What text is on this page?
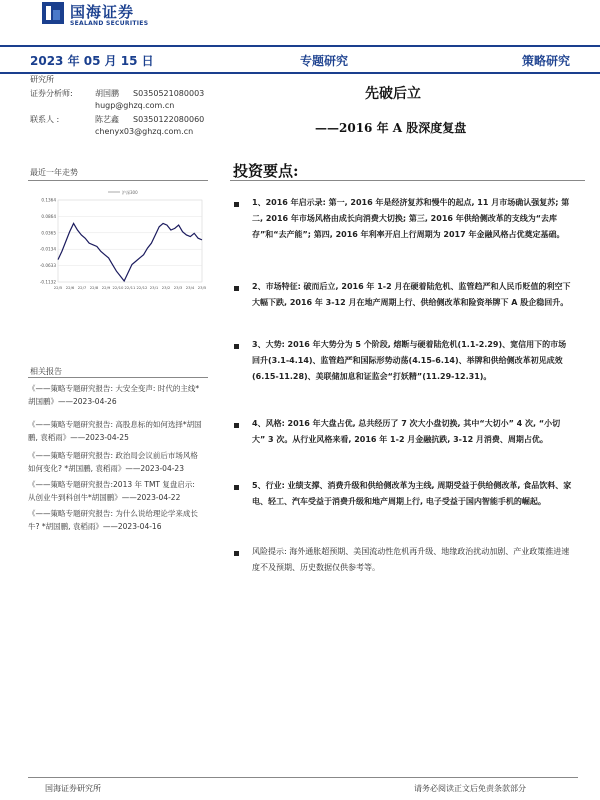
国海证券
SEALAND SECURITIES
2023 年 05 月 15 日	专题研究	策略研究
研究所
证券分析师:	胡国鹏 S0350521080003
hugp@ghzq.com.cn
联系人 :	陈艺鑫 S0350122080060
chenyx03@ghzq.com.cn
先破后立
——2016 年 A 股深度复盘
最近一年走势
0.1364
0.0864
0.0365
-0.0134
-0.0633
-0.1132
22/5 22/6 22/7 22/8 22/9 22/10 22/11 22/12 23/1 23/2 23/3 23/4 23/5
沪深300
相关报告
《——策略专题研究报告: 大安全变声: 时代的主线*胡国鹏》——2023-04-26
《——策略专题研究报告: 高股息标的如何选择*胡国鹏, 袁稻雨》——2023-04-25
《——策略专题研究报告: 政治局会议前后市场风格如何变化? *胡国鹏, 袁稻雨》——2023-04-23
《——策略专题研究报告:2013 年 TMT 复盘启示: 从创业牛到科创牛*胡国鹏》——2023-04-22
《——策略专题研究报告: 为什么说给理论学来成长牛? *胡国鹏, 袁稻雨》——2023-04-16
投资要点:
1、2016 年启示录: 第一, 2016 年是经济复苏和慢牛的起点, 11 月市场确认强复苏; 第二, 2016 年市场风格由成长向消费大切换; 第三, 2016 年供给侧改革的支线为“去库存”和“去产能”; 第四, 2016 年利率开启上行周期为 2017 年金融风格占优奠定基础。
2、市场特征: 破而后立, 2016 年 1-2 月在硬着陆危机、监管趋严和人民币贬值的利空下大幅下跌, 2016 年 3-12 月在地产周期上行、供给侧改革和险资举牌下 A 股企稳回升。
3、大势: 2016 年大势分为 5 个阶段, 熔断与硬着陆危机(1.1-2.29)、宽信用下的市场回升(3.1-4.14)、监管趋严和国际形势动荡(4.15-6.14)、举牌和供给侧改革初见成效(6.15-11.28)、美联储加息和证监会“打妖精”(11.29-12.31)。
4、风格: 2016 年大盘占优, 总共经历了 7 次大小盘切换, 其中“大切小” 4 次, “小切大” 3 次。从行业风格来看, 2016 年 1-2 月金融抗跌, 3-12 月消费、周期占优。
5、行业: 业绩支撑、消费升级和供给侧改革为主线, 周期受益于供给侧改革, 食品饮料、家电、轻工、汽车受益于消费升级和地产周期上行, 电子受益于国内智能手机的崛起。
风险提示: 海外通胀超预期、美国流动性危机再升级、地缘政治扰动加剧、产业政策推进速度不及预期、历史数据仅供参考等。
国海证券研究所	请务必阅读正文后免责条款部分
